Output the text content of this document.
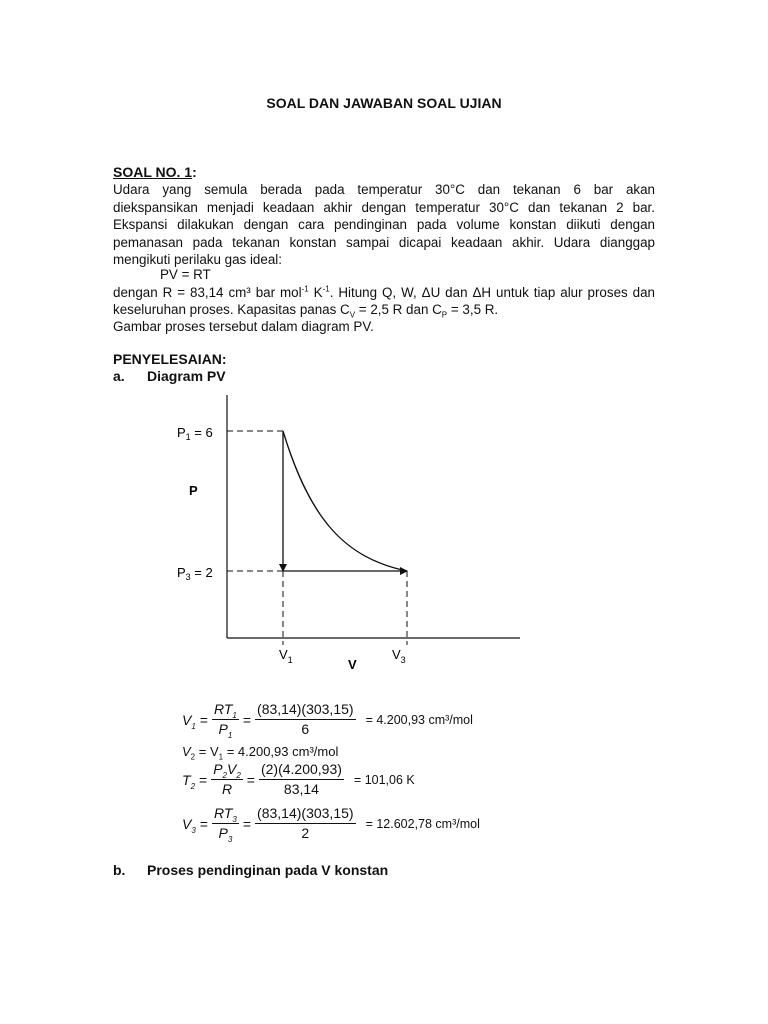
SOAL DAN JAWABAN SOAL UJIAN
SOAL NO. 1:
Udara yang semula berada pada temperatur 30°C dan tekanan 6 bar akan
diekspansikan menjadi keadaan akhir dengan temperatur 30°C dan tekanan 2 bar.
Ekspansi dilakukan dengan cara pendinginan pada volume konstan diikuti dengan
pemanasan pada tekanan konstan sampai dicapai keadaan akhir. Udara dianggap
mengikuti perilaku gas ideal:
PV = RT
dengan R = 83,14 cm³ bar mol$^{-1}$ $K^{-1}$. Hitung Q, W, ΔU dan ΔH untuk tiap alur proses dan
keseluruhan proses. Kapasitas panas $C_V = 2,5$ R dan $C_P = 3,5$ R.
Gambar proses tersebut dalam diagram PV.
PENYELESAIAN:
a. Diagram PV
$P_1 = 6$
$P_3 = 2$
P
V
$V_1$	$V_3$
$V_1 = \frac{RT_1}{P_1} = \frac{(83,14)(303,15)}{6} = 4.200,93$ cm³/mol
$V_2 = V_1 = 4.200,93$ cm³/mol
$T_2 = \frac{P_2V_2}{R} = \frac{(2)(4.200,93)}{83,14} = 101,06$ K
$V_3 = \frac{RT_3}{P_3} = \frac{(83,14)(303,15)}{2} = 12.602,78$ cm³/mol
b. Proses pendinginan pada V konstan
